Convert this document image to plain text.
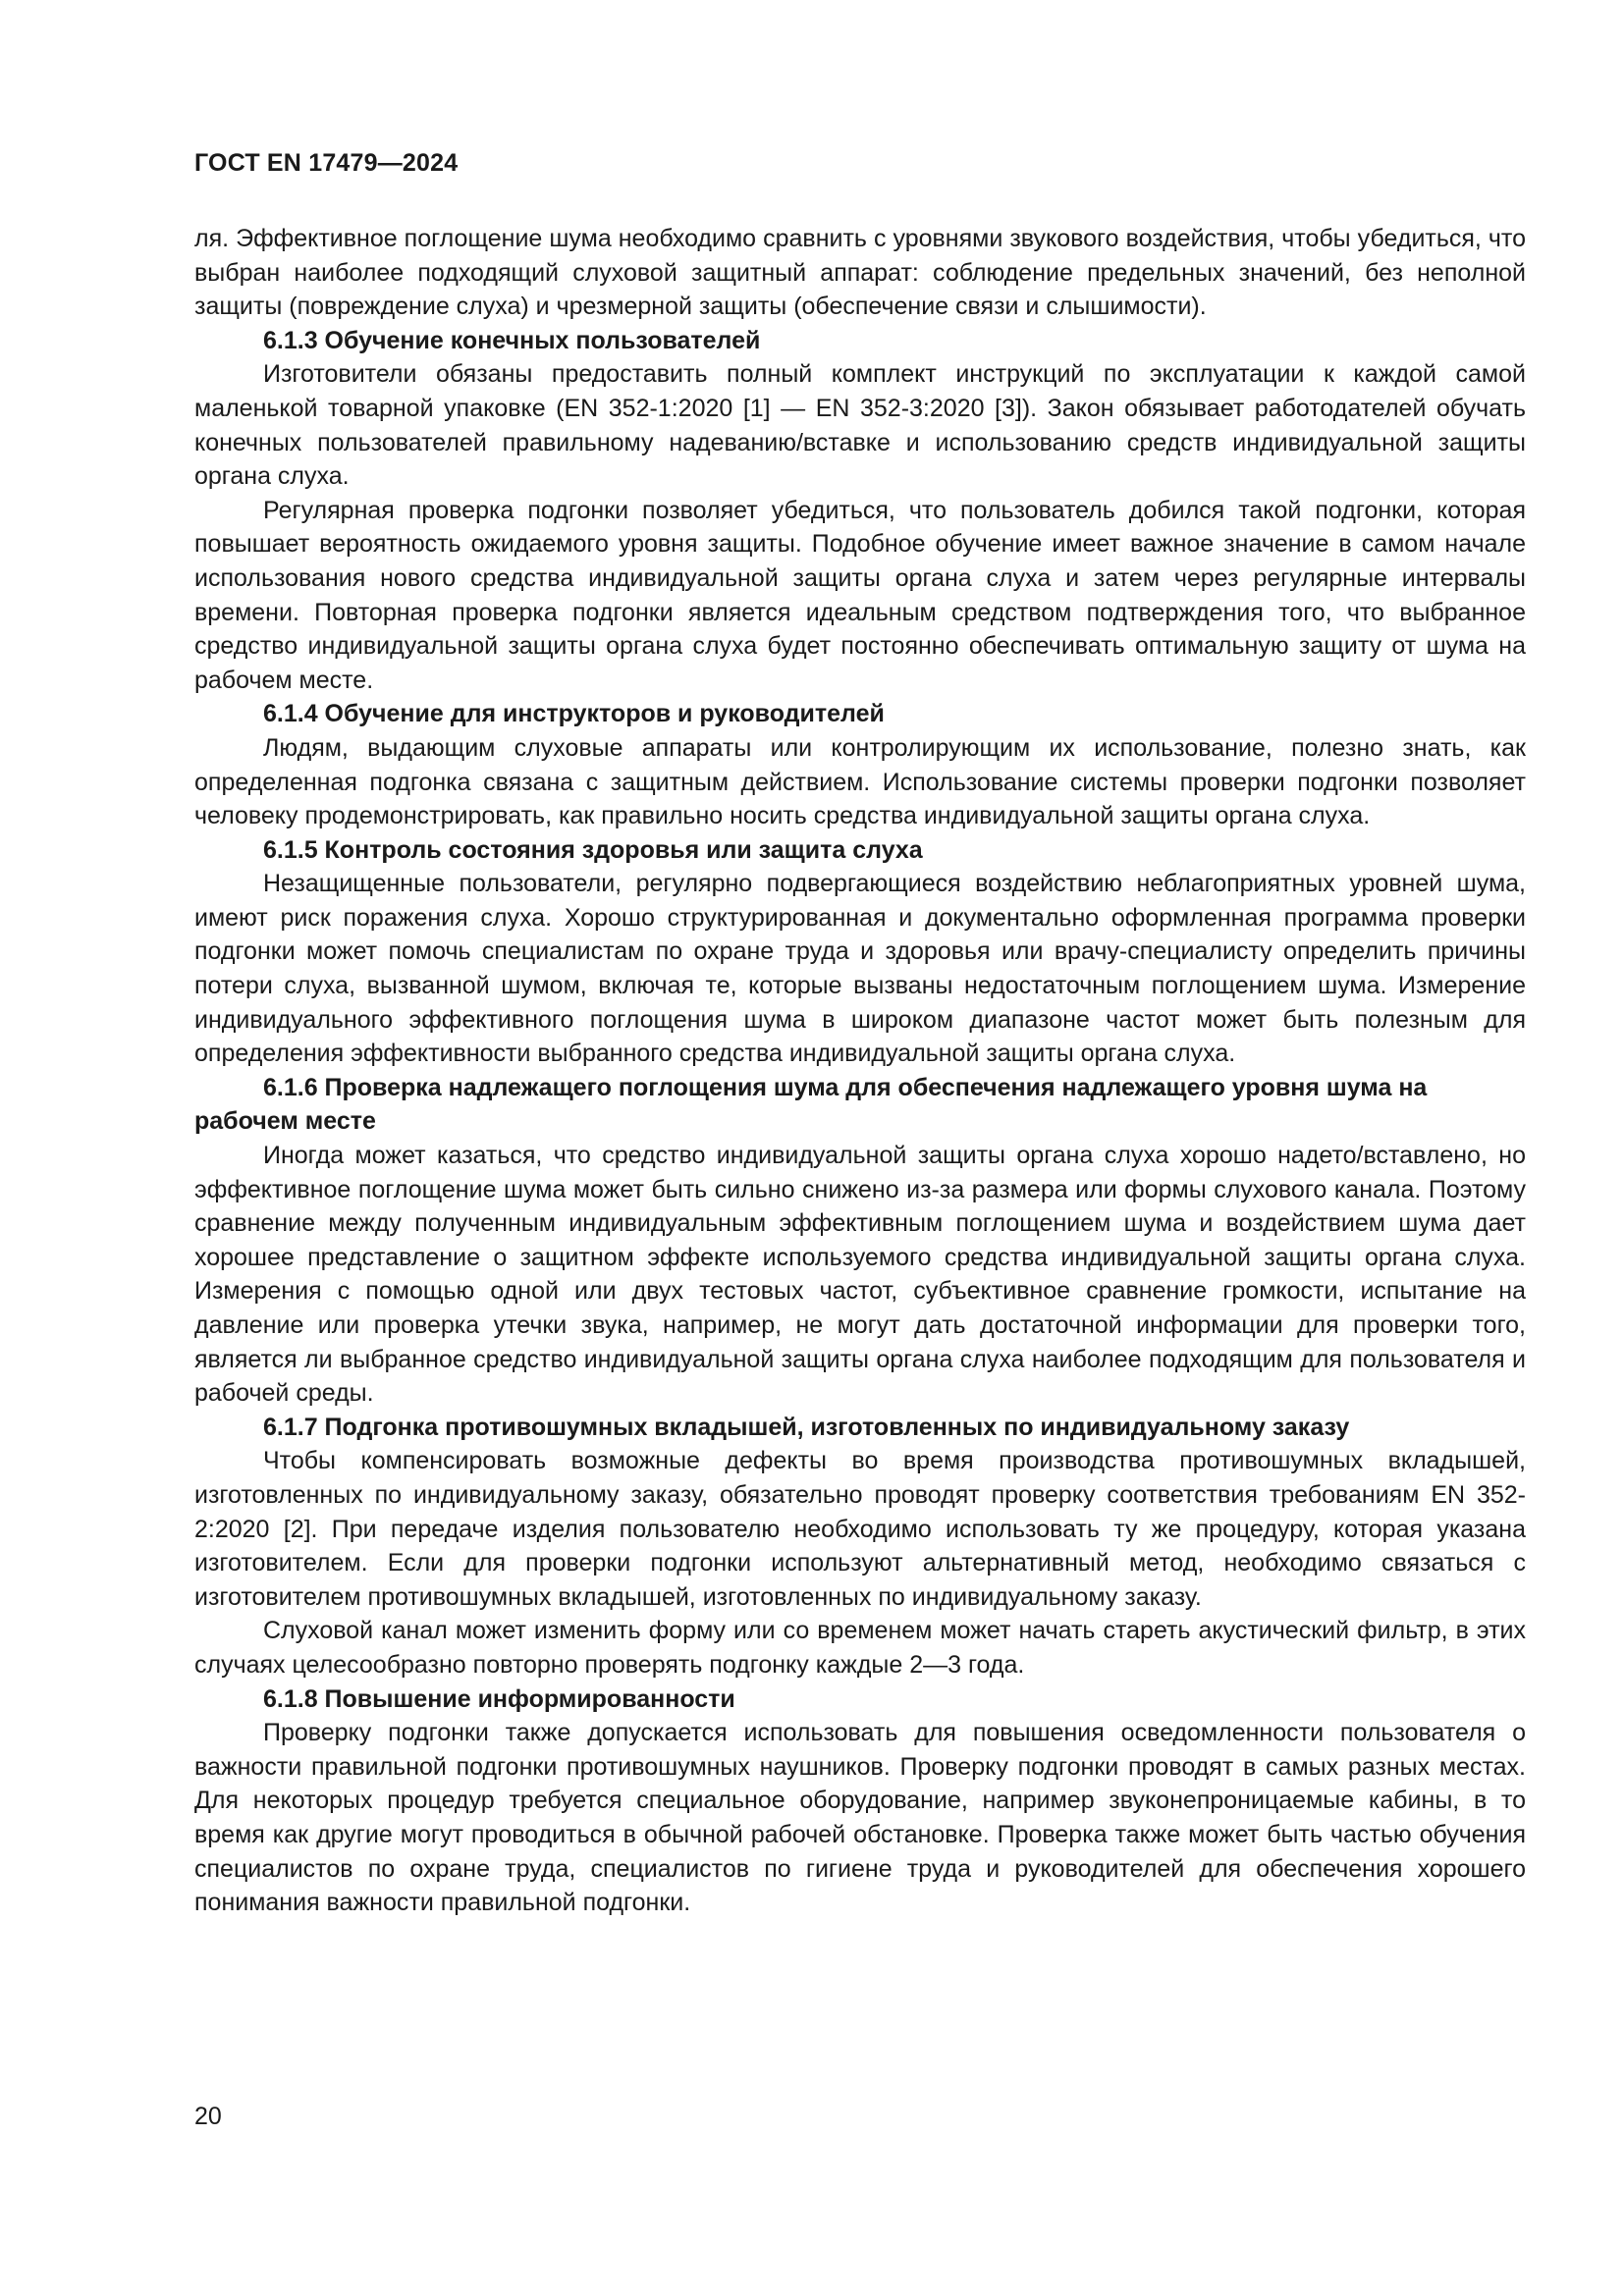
ГОСТ EN 17479—2024

ля. Эффективное поглощение шума необходимо сравнить с уровнями звукового воздействия, чтобы убедиться, что выбран наиболее подходящий слуховой защитный аппарат: соблюдение предельных значений, без неполной защиты (повреждение слуха) и чрезмерной защиты (обеспечение связи и слышимости).

6.1.3 Обучение конечных пользователей

Изготовители обязаны предоставить полный комплект инструкций по эксплуатации к каждой самой маленькой товарной упаковке (EN 352-1:2020 [1] — EN 352-3:2020 [3]). Закон обязывает работодателей обучать конечных пользователей правильному надеванию/вставке и использованию средств индивидуальной защиты органа слуха.

Регулярная проверка подгонки позволяет убедиться, что пользователь добился такой подгонки, которая повышает вероятность ожидаемого уровня защиты. Подобное обучение имеет важное значение в самом начале использования нового средства индивидуальной защиты органа слуха и затем через регулярные интервалы времени. Повторная проверка подгонки является идеальным средством подтверждения того, что выбранное средство индивидуальной защиты органа слуха будет постоянно обеспечивать оптимальную защиту от шума на рабочем месте.

6.1.4 Обучение для инструкторов и руководителей

Людям, выдающим слуховые аппараты или контролирующим их использование, полезно знать, как определенная подгонка связана с защитным действием. Использование системы проверки подгонки позволяет человеку продемонстрировать, как правильно носить средства индивидуальной защиты органа слуха.

6.1.5 Контроль состояния здоровья или защита слуха

Незащищенные пользователи, регулярно подвергающиеся воздействию неблагоприятных уровней шума, имеют риск поражения слуха. Хорошо структурированная и документально оформленная программа проверки подгонки может помочь специалистам по охране труда и здоровья или врачу-специалисту определить причины потери слуха, вызванной шумом, включая те, которые вызваны недостаточным поглощением шума. Измерение индивидуального эффективного поглощения шума в широком диапазоне частот может быть полезным для определения эффективности выбранного средства индивидуальной защиты органа слуха.

6.1.6 Проверка надлежащего поглощения шума для обеспечения надлежащего уровня шума на рабочем месте

Иногда может казаться, что средство индивидуальной защиты органа слуха хорошо надето/вставлено, но эффективное поглощение шума может быть сильно снижено из-за размера или формы слухового канала. Поэтому сравнение между полученным индивидуальным эффективным поглощением шума и воздействием шума дает хорошее представление о защитном эффекте используемого средства индивидуальной защиты органа слуха. Измерения с помощью одной или двух тестовых частот, субъективное сравнение громкости, испытание на давление или проверка утечки звука, например, не могут дать достаточной информации для проверки того, является ли выбранное средство индивидуальной защиты органа слуха наиболее подходящим для пользователя и рабочей среды.

6.1.7 Подгонка противошумных вкладышей, изготовленных по индивидуальному заказу

Чтобы компенсировать возможные дефекты во время производства противошумных вкладышей, изготовленных по индивидуальному заказу, обязательно проводят проверку соответствия требованиям EN 352-2:2020 [2]. При передаче изделия пользователю необходимо использовать ту же процедуру, которая указана изготовителем. Если для проверки подгонки используют альтернативный метод, необходимо связаться с изготовителем противошумных вкладышей, изготовленных по индивидуальному заказу.

Слуховой канал может изменить форму или со временем может начать стареть акустический фильтр, в этих случаях целесообразно повторно проверять подгонку каждые 2—3 года.

6.1.8 Повышение информированности

Проверку подгонки также допускается использовать для повышения осведомленности пользователя о важности правильной подгонки противошумных наушников. Проверку подгонки проводят в самых разных местах. Для некоторых процедур требуется специальное оборудование, например звуконепроницаемые кабины, в то время как другие могут проводиться в обычной рабочей обстановке. Проверка также может быть частью обучения специалистов по охране труда, специалистов по гигиене труда и руководителей для обеспечения хорошего понимания важности правильной подгонки.

20
